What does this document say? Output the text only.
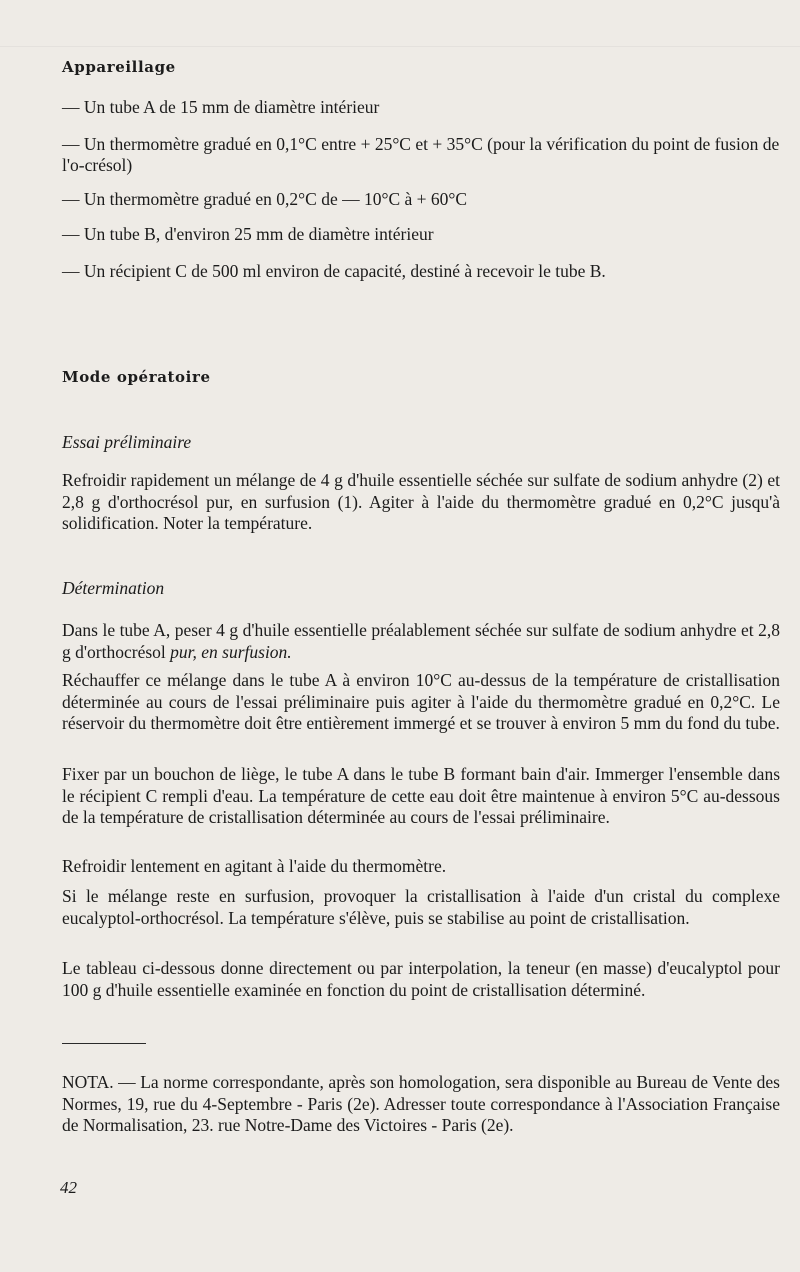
Appareillage

— Un tube A de 15 mm de diamètre intérieur

— Un thermomètre gradué en 0,1°C entre + 25°C et + 35°C (pour la vérification du point de fusion de l'o-crésol)

— Un thermomètre gradué en 0,2°C de — 10°C à + 60°C

— Un tube B, d'environ 25 mm de diamètre intérieur

— Un récipient C de 500 ml environ de capacité, destiné à recevoir le tube B.

Mode opératoire

Essai préliminaire

Refroidir rapidement un mélange de 4 g d'huile essentielle séchée sur sulfate de sodium anhydre (2) et 2,8 g d'orthocrésol pur, en surfusion (1). Agiter à l'aide du thermomètre gradué en 0,2°C jusqu'à solidification. Noter la température.

Détermination

Dans le tube A, peser 4 g d'huile essentielle préalablement séchée sur sulfate de sodium anhydre et 2,8 g d'orthocrésol pur, en surfusion.

Réchauffer ce mélange dans le tube A à environ 10°C au-dessus de la température de cristallisation déterminée au cours de l'essai préliminaire puis agiter à l'aide du thermomètre gradué en 0,2°C. Le réservoir du thermomètre doit être entièrement immergé et se trouver à environ 5 mm du fond du tube.

Fixer par un bouchon de liège, le tube A dans le tube B formant bain d'air. Immerger l'ensemble dans le récipient C rempli d'eau. La température de cette eau doit être maintenue à environ 5°C au-dessous de la température de cristallisation déterminée au cours de l'essai préliminaire.

Refroidir lentement en agitant à l'aide du thermomètre.

Si le mélange reste en surfusion, provoquer la cristallisation à l'aide d'un cristal du complexe eucalyptol-orthocrésol. La température s'élève, puis se stabilise au point de cristallisation.

Le tableau ci-dessous donne directement ou par interpolation, la teneur (en masse) d'eucalyptol pour 100 g d'huile essentielle examinée en fonction du point de cristallisation déterminé.

NOTA. — La norme correspondante, après son homologation, sera disponible au Bureau de Vente des Normes, 19, rue du 4-Septembre - Paris (2e). Adresser toute correspondance à l'Association Française de Normalisation, 23. rue Notre-Dame des Victoires - Paris (2e).

42
